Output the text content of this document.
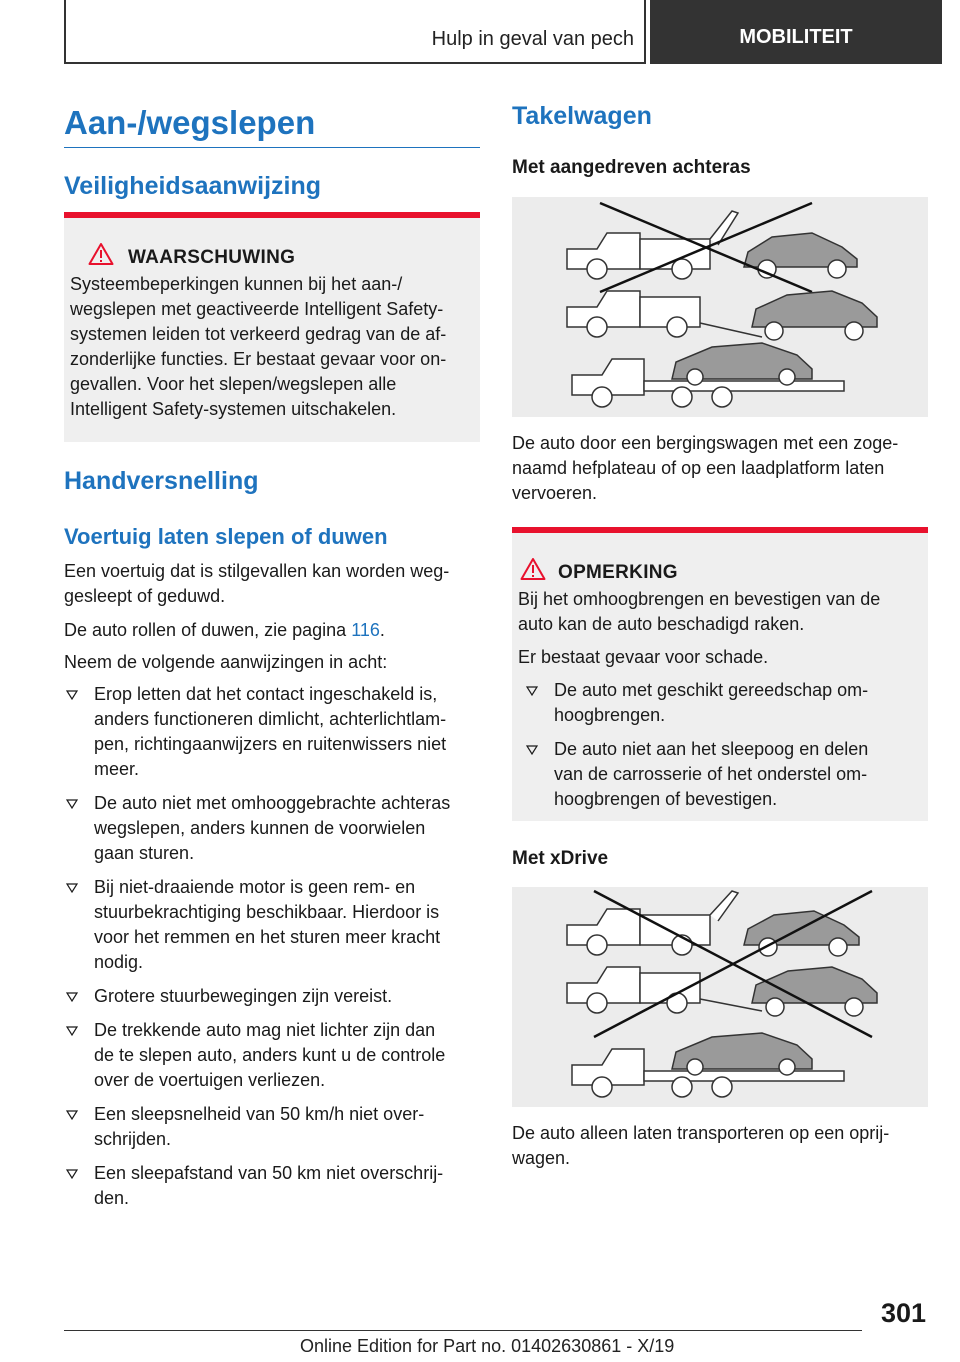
Hulp in geval van pech	MOBILITEIT
Aan-/wegslepen
Veiligheidsaanwijzing
WAARSCHUWING
Systeembeperkingen kunnen bij het aan-/
wegslepen met geactiveerde Intelligent Safety-
systemen leiden tot verkeerd gedrag van de af-
zonderlijke functies. Er bestaat gevaar voor on-
gevallen. Voor het slepen/wegslepen alle
Intelligent Safety-systemen uitschakelen.
Handversnelling
Voertuig laten slepen of duwen
Een voertuig dat is stilgevallen kan worden weg-
gesleept of geduwd.
De auto rollen of duwen, zie pagina 116.
Neem de volgende aanwijzingen in acht:
Erop letten dat het contact ingeschakeld is,
anders functioneren dimlicht, achterlichtlam-
pen, richtingaanwijzers en ruitenwissers niet
meer.
De auto niet met omhooggebrachte achteras
wegslepen, anders kunnen de voorwielen
gaan sturen.
Bij niet-draaiende motor is geen rem- en
stuurbekrachtiging beschikbaar. Hierdoor is
voor het remmen en het sturen meer kracht
nodig.
Grotere stuurbewegingen zijn vereist.
De trekkende auto mag niet lichter zijn dan
de te slepen auto, anders kunt u de controle
over de voertuigen verliezen.
Een sleepsnelheid van 50 km/h niet over-
schrijden.
Een sleepafstand van 50 km niet overschrij-
den.
Takelwagen
Met aangedreven achteras
De auto door een bergingswagen met een zoge-
naamd hefplateau of op een laadplatform laten
vervoeren.
OPMERKING
Bij het omhoogbrengen en bevestigen van de
auto kan de auto beschadigd raken.
Er bestaat gevaar voor schade.
De auto met geschikt gereedschap om-
hoogbrengen.
De auto niet aan het sleepoog en delen
van de carrosserie of het onderstel om-
hoogbrengen of bevestigen.
Met xDrive
De auto alleen laten transporteren op een oprij-
wagen.
301
Online Edition for Part no. 01402630861 - X/19
